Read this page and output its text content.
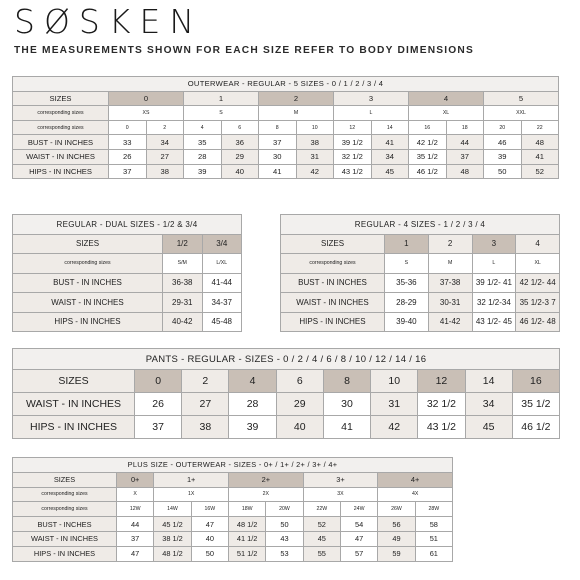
SØSKEN
THE MEASUREMENTS SHOWN FOR EACH SIZE REFER TO BODY DIMENSIONS
OUTERWEAR - REGULAR - 5 SIZES - 0 / 1 / 2 / 3 / 4												
SIZES	0		1		2		3		4		5	
corresponding sizes	XS		S		M		L		XL		XXL	
corresponding sizes	0	2	4	6	8	10	12	14	16	18	20	22
BUST - IN INCHES	33	34	35	36	37	38	39 1/2	41	42 1/2	44	46	48
WAIST - IN INCHES	26	27	28	29	30	31	32 1/2	34	35 1/2	37	39	41
HIPS - IN INCHES	37	38	39	40	41	42	43 1/2	45	46 1/2	48	50	52
REGULAR - DUAL SIZES - 1/2 & 3/4		
SIZES	1/2	3/4
corresponding sizes	S/M	L/XL
BUST - IN INCHES	36-38	41-44
WAIST - IN INCHES	29-31	34-37
HIPS - IN INCHES	40-42	45-48
REGULAR - 4 SIZES - 1 / 2 / 3 / 4				
SIZES	1	2	3	4
corresponding sizes	S	M	L	XL
BUST - IN INCHES	35-36	37-38	39 1/2- 41	42 1/2- 44
WAIST - IN INCHES	28-29	30-31	32 1/2-34	35 1/2-3 7
HIPS - IN INCHES	39-40	41-42	43 1/2- 45	46 1/2- 48
PANTS - REGULAR - SIZES - 0 / 2 / 4 / 6 / 8 / 10 / 12 / 14 / 16									
SIZES	0	2	4	6	8	10	12	14	16
WAIST - IN INCHES	26	27	28	29	30	31	32 1/2	34	35 1/2
HIPS - IN INCHES	37	38	39	40	41	42	43 1/2	45	46 1/2
PLUS SIZE - OUTERWEAR - SIZES - 0+ / 1+ / 2+ / 3+ / 4+									
SIZES	0+	1+		2+		3+		4+	
corresponding sizes	X	1X		2X		3X		4X	
corresponding sizes	12W	14W	16W	18W	20W	22W	24W	26W	28W
BUST - INCHES	44	45 1/2	47	48 1/2	50	52	54	56	58
WAIST - IN INCHES	37	38 1/2	40	41 1/2	43	45	47	49	51
HIPS - IN INCHES	47	48 1/2	50	51 1/2	53	55	57	59	61
